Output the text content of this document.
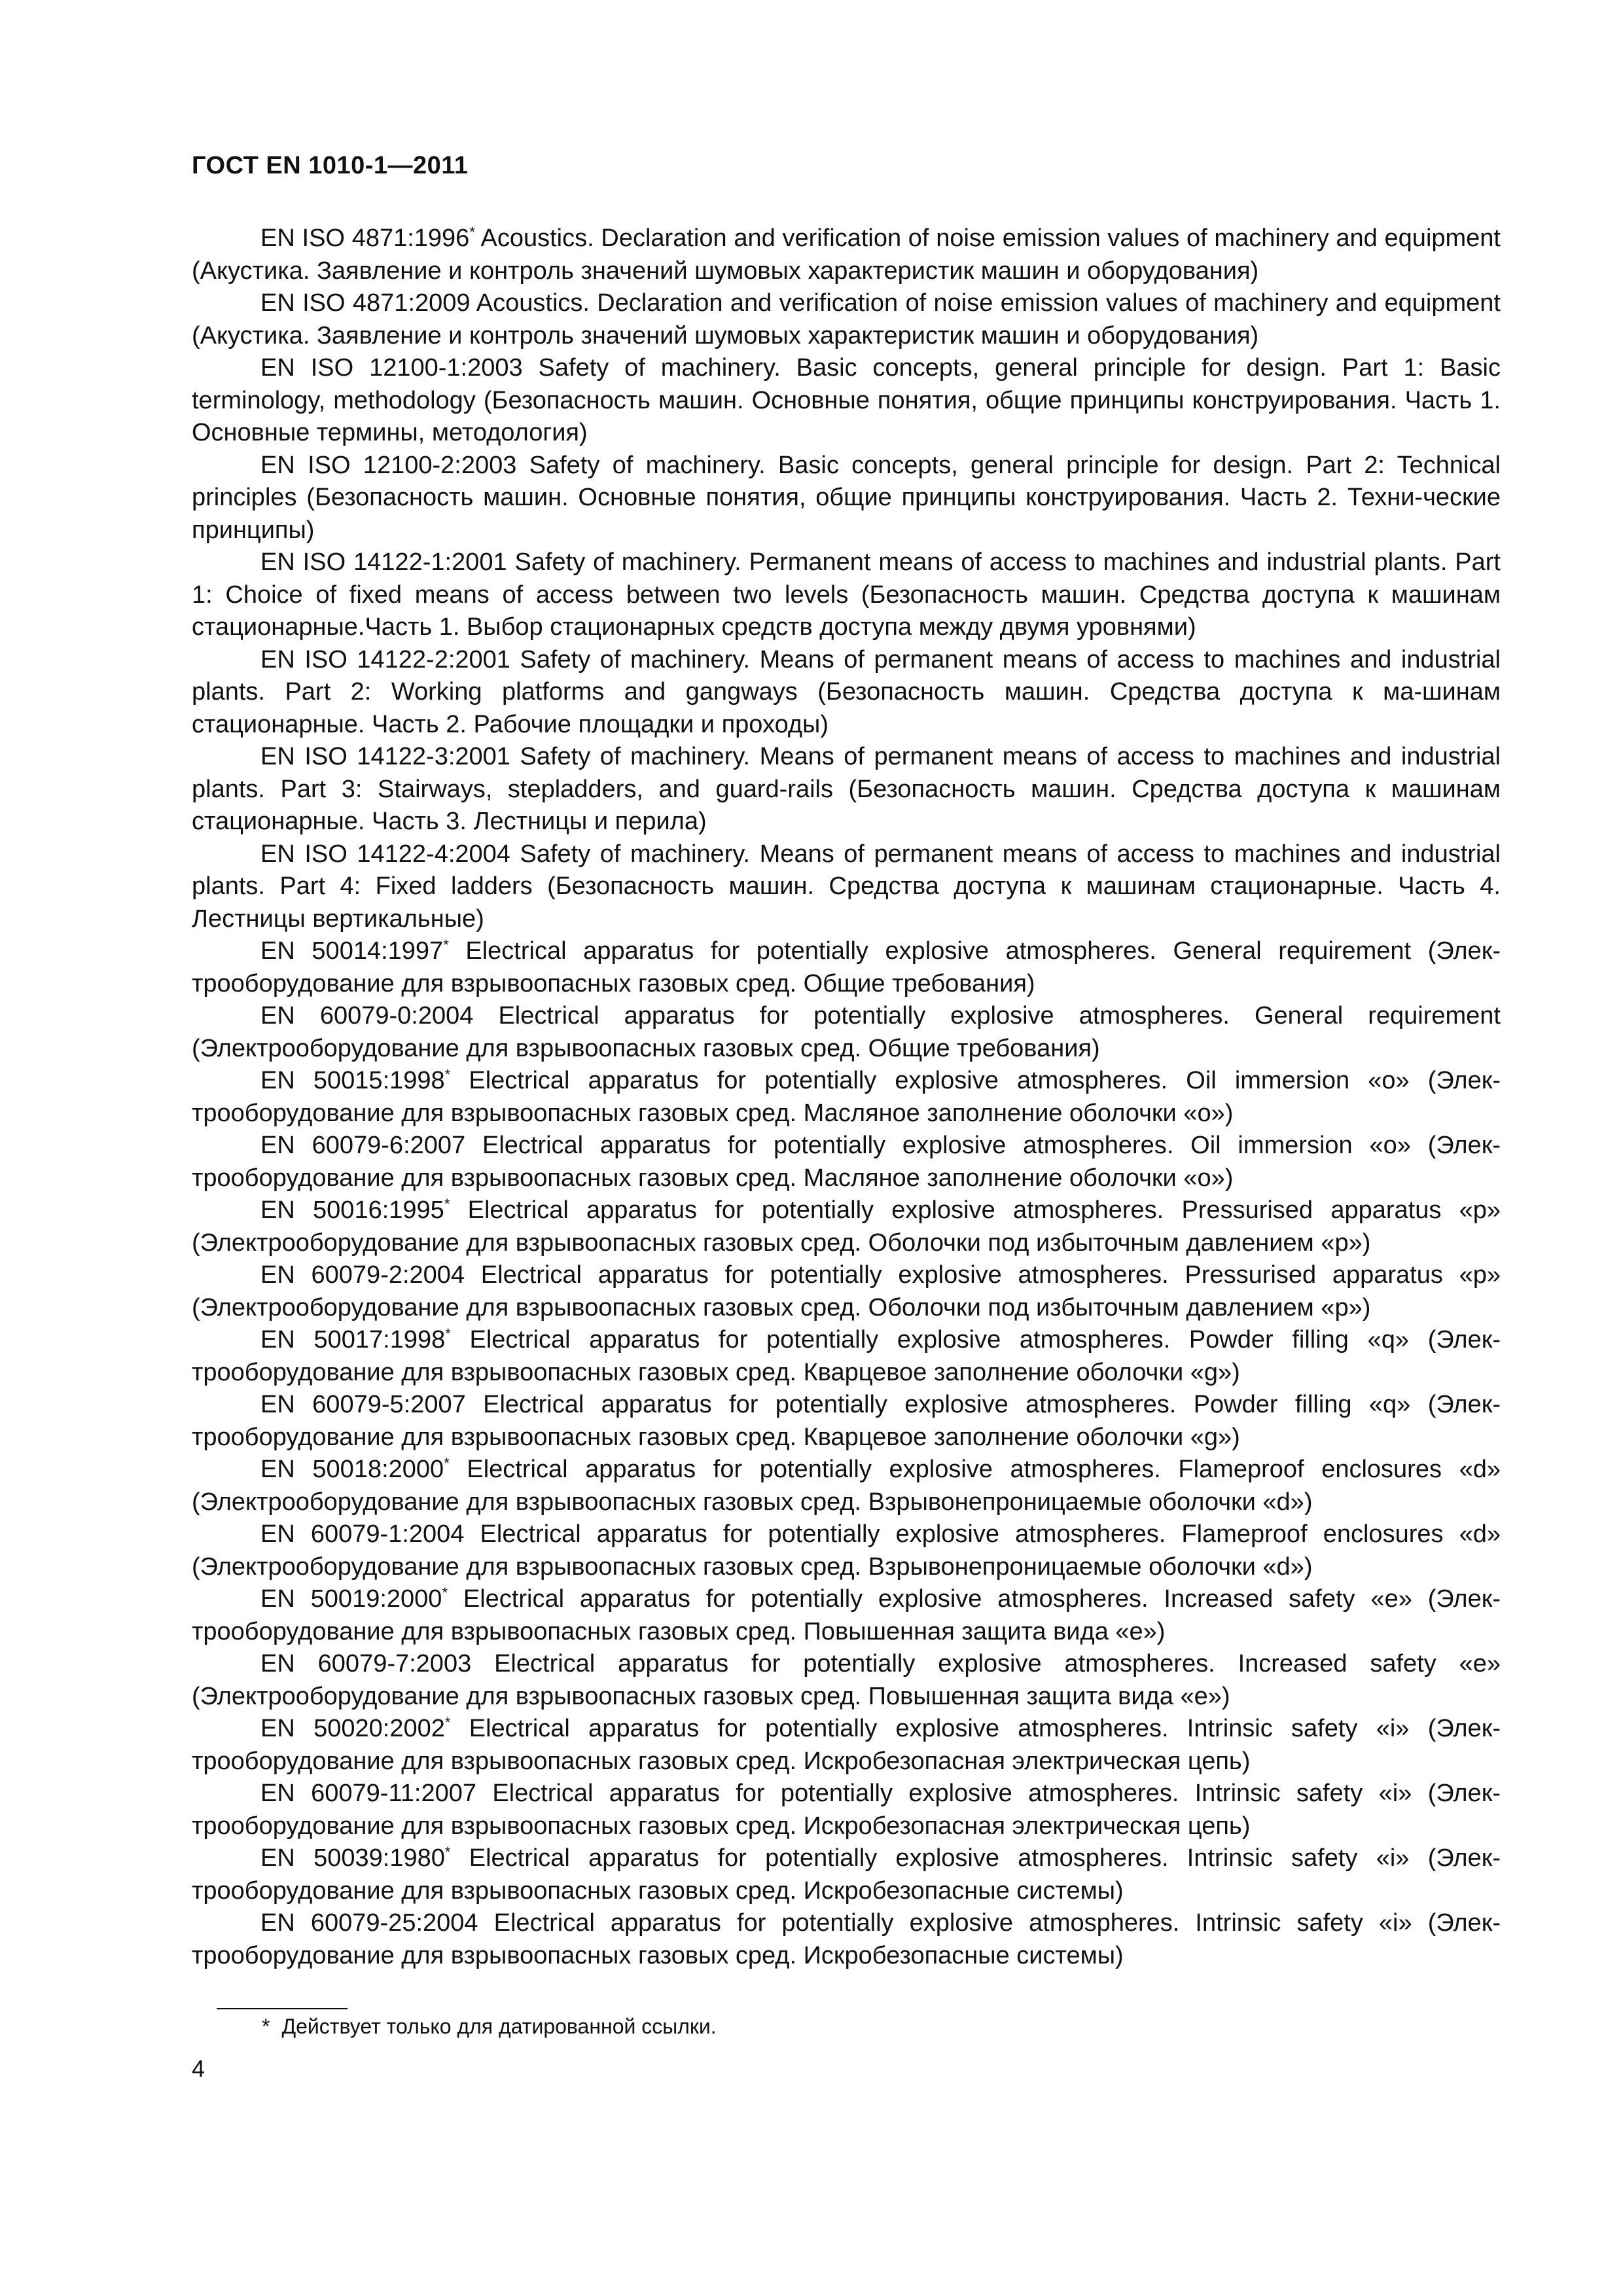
ГОСТ EN 1010-1—2011

EN ISO 4871:1996* Acoustics. Declaration and verification of noise emission values of machinery and equipment (Акустика. Заявление и контроль значений шумовых характеристик машин и оборудования)

EN ISO 4871:2009 Acoustics. Declaration and verification of noise emission values of machinery and equipment (Акустика. Заявление и контроль значений шумовых характеристик машин и оборудования)

EN ISO 12100-1:2003 Safety of machinery. Basic concepts, general principle for design. Part 1: Basic terminology, methodology (Безопасность машин. Основные понятия, общие принципы конструирования. Часть 1. Основные термины, методология)

EN ISO 12100-2:2003 Safety of machinery. Basic concepts, general principle for design. Part 2: Technical principles (Безопасность машин. Основные понятия, общие принципы конструирования. Часть 2. Техни-ческие принципы)

EN ISO 14122-1:2001 Safety of machinery. Permanent means of access to machines and industrial plants. Part 1: Choice of fixed means of access between two levels (Безопасность машин. Средства доступа к машинам стационарные.Часть 1. Выбор стационарных средств доступа между двумя уровнями)

EN ISO 14122-2:2001 Safety of machinery. Means of permanent means of access to machines and industrial plants. Part 2: Working platforms and gangways (Безопасность машин. Средства доступа к ма-шинам стационарные. Часть 2. Рабочие площадки и проходы)

EN ISO 14122-3:2001 Safety of machinery. Means of permanent means of access to machines and industrial plants. Part 3: Stairways, stepladders, and guard-rails (Безопасность машин. Средства доступа к машинам стационарные. Часть 3. Лестницы и перила)

EN ISO 14122-4:2004 Safety of machinery. Means of permanent means of access to machines and industrial plants. Part 4: Fixed ladders (Безопасность машин. Средства доступа к машинам стационарные. Часть 4. Лестницы вертикальные)

EN 50014:1997* Electrical apparatus for potentially explosive atmospheres. General requirement (Элек-трооборудование для взрывоопасных газовых сред. Общие требования)

EN 60079-0:2004 Electrical apparatus for potentially explosive atmospheres. General requirement (Электрооборудование для взрывоопасных газовых сред. Общие требования)

EN 50015:1998* Electrical apparatus for potentially explosive atmospheres. Oil immersion «o» (Элек-трооборудование для взрывоопасных газовых сред. Масляное заполнение оболочки «o»)

EN 60079-6:2007 Electrical apparatus for potentially explosive atmospheres. Oil immersion «o» (Элек-трооборудование для взрывоопасных газовых сред. Масляное заполнение оболочки «o»)

EN 50016:1995* Electrical apparatus for potentially explosive atmospheres. Pressurised apparatus «p» (Электрооборудование для взрывоопасных газовых сред. Оболочки под избыточным давлением «p»)

EN 60079-2:2004 Electrical apparatus for potentially explosive atmospheres. Pressurised apparatus «p» (Электрооборудование для взрывоопасных газовых сред. Оболочки под избыточным давлением «p»)

EN 50017:1998* Electrical apparatus for potentially explosive atmospheres. Powder filling «q» (Элек-трооборудование для взрывоопасных газовых сред. Кварцевое заполнение оболочки «g»)

EN 60079-5:2007 Electrical apparatus for potentially explosive atmospheres. Powder filling «q» (Элек-трооборудование для взрывоопасных газовых сред. Кварцевое заполнение оболочки «g»)

EN 50018:2000* Electrical apparatus for potentially explosive atmospheres. Flameproof enclosures «d» (Электрооборудование для взрывоопасных газовых сред. Взрывонепроницаемые оболочки «d»)

EN 60079-1:2004 Electrical apparatus for potentially explosive atmospheres. Flameproof enclosures «d» (Электрооборудование для взрывоопасных газовых сред. Взрывонепроницаемые оболочки «d»)

EN 50019:2000* Electrical apparatus for potentially explosive atmospheres. Increased safety «e» (Элек-трооборудование для взрывоопасных газовых сред. Повышенная защита вида «e»)

EN 60079-7:2003 Electrical apparatus for potentially explosive atmospheres. Increased safety «e» (Электрооборудование для взрывоопасных газовых сред. Повышенная защита вида «e»)

EN 50020:2002* Electrical apparatus for potentially explosive atmospheres. Intrinsic safety «i» (Элек-трооборудование для взрывоопасных газовых сред. Искробезопасная электрическая цепь)

EN 60079-11:2007 Electrical apparatus for potentially explosive atmospheres. Intrinsic safety «i» (Элек-трооборудование для взрывоопасных газовых сред. Искробезопасная электрическая цепь)

EN 50039:1980* Electrical apparatus for potentially explosive atmospheres. Intrinsic safety «i» (Элек-трооборудование для взрывоопасных газовых сред. Искробезопасные системы)

EN 60079-25:2004 Electrical apparatus for potentially explosive atmospheres. Intrinsic safety «i» (Элек-трооборудование для взрывоопасных газовых сред. Искробезопасные системы)

* Действует только для датированной ссылки.
4
